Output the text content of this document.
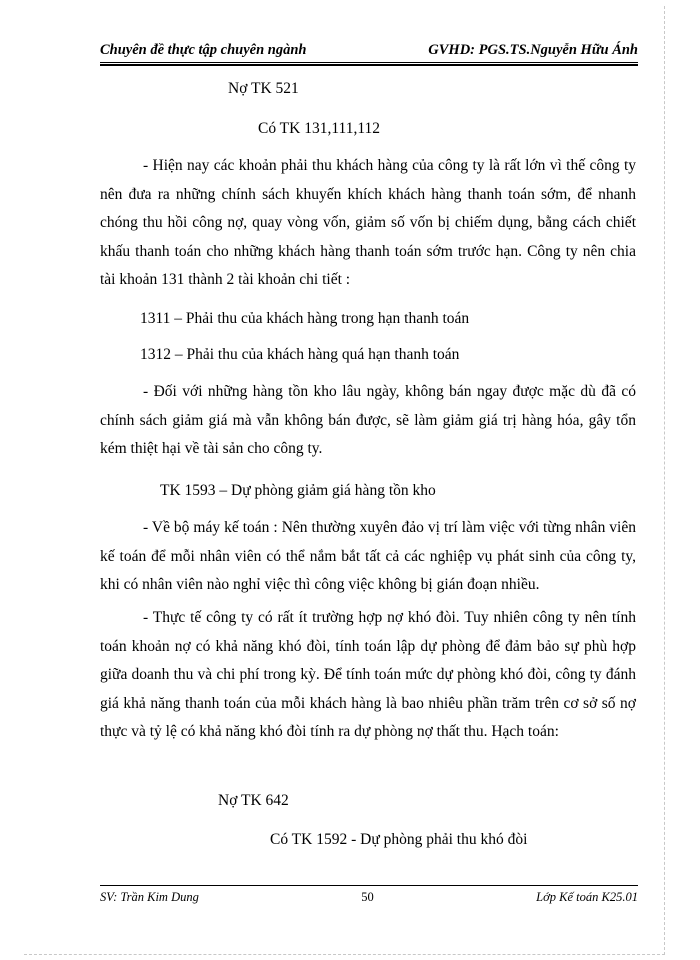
Chuyên đề thực tập chuyên ngành	GVHD: PGS.TS.Nguyễn Hữu Ánh
Nợ TK 521
Có TK 131,111,112

- Hiện nay các khoản phải thu khách hàng của công ty là rất lớn vì thế công ty nên đưa ra những chính sách khuyến khích khách hàng thanh toán sớm, để nhanh chóng thu hồi công nợ, quay vòng vốn, giảm số vốn bị chiếm dụng, bằng cách chiết khấu thanh toán cho những khách hàng thanh toán sớm trước hạn. Công ty nên chia tài khoản 131 thành 2 tài khoản chi tiết :

1311 – Phải thu của khách hàng trong hạn thanh toán
1312 – Phải thu của khách hàng quá hạn thanh toán

- Đối với những hàng tồn kho lâu ngày, không bán ngay được mặc dù đã có chính sách giảm giá mà vẫn không bán được, sẽ làm giảm giá trị hàng hóa, gây tổn kém thiệt hại về tài sản cho công ty.

TK 1593 – Dự phòng giảm giá hàng tồn kho

- Về bộ máy kế toán : Nên thường xuyên đảo vị trí làm việc với từng nhân viên kế toán để mỗi nhân viên có thể nắm bắt tất cả các nghiệp vụ phát sinh của công ty, khi có nhân viên nào nghỉ việc thì công việc không bị gián đoạn nhiều.

- Thực tế công ty có rất ít trường hợp nợ khó đòi. Tuy nhiên công ty nên tính toán khoản nợ có khả năng khó đòi, tính toán lập dự phòng để đảm bảo sự phù hợp giữa doanh thu và chi phí trong kỳ. Để tính toán mức dự phòng khó đòi, công ty đánh giá khả năng thanh toán của mỗi khách hàng là bao nhiêu phần trăm trên cơ sở số nợ thực và tỷ lệ có khả năng khó đòi tính ra dự phòng nợ thất thu. Hạch toán:

Nợ TK 642
Có TK 1592 - Dự phòng phải thu khó đòi
SV: Trần Kim Dung	50	Lớp Kế toán K25.01
